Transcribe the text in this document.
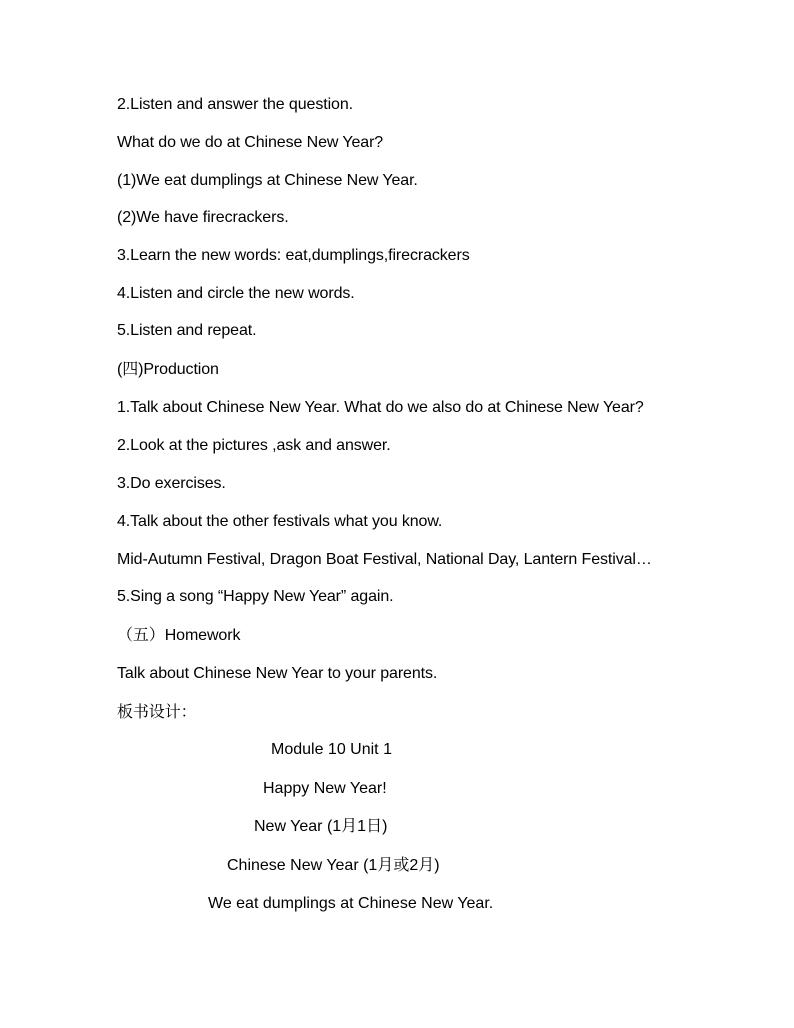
2.Listen and answer the question.
What do we do at Chinese New Year?
(1)We eat dumplings at Chinese New Year.
(2)We have firecrackers.
3.Learn the new words: eat,dumplings,firecrackers
4.Listen and circle the new words.
5.Listen and repeat.
(四)Production
1.Talk about Chinese New Year. What do we also do at Chinese New Year?
2.Look at the pictures ,ask and answer.
3.Do exercises.
4.Talk about the other festivals what you know.
Mid-Autumn Festival, Dragon Boat Festival, National Day, Lantern Festival…
5.Sing a song “Happy New Year” again.
（五）Homework
Talk about Chinese New Year to your parents.
板书设计：
Module 10 Unit 1
Happy New Year!
New Year (1月1日)
Chinese New Year (1月或2月)
We eat dumplings at Chinese New Year.
